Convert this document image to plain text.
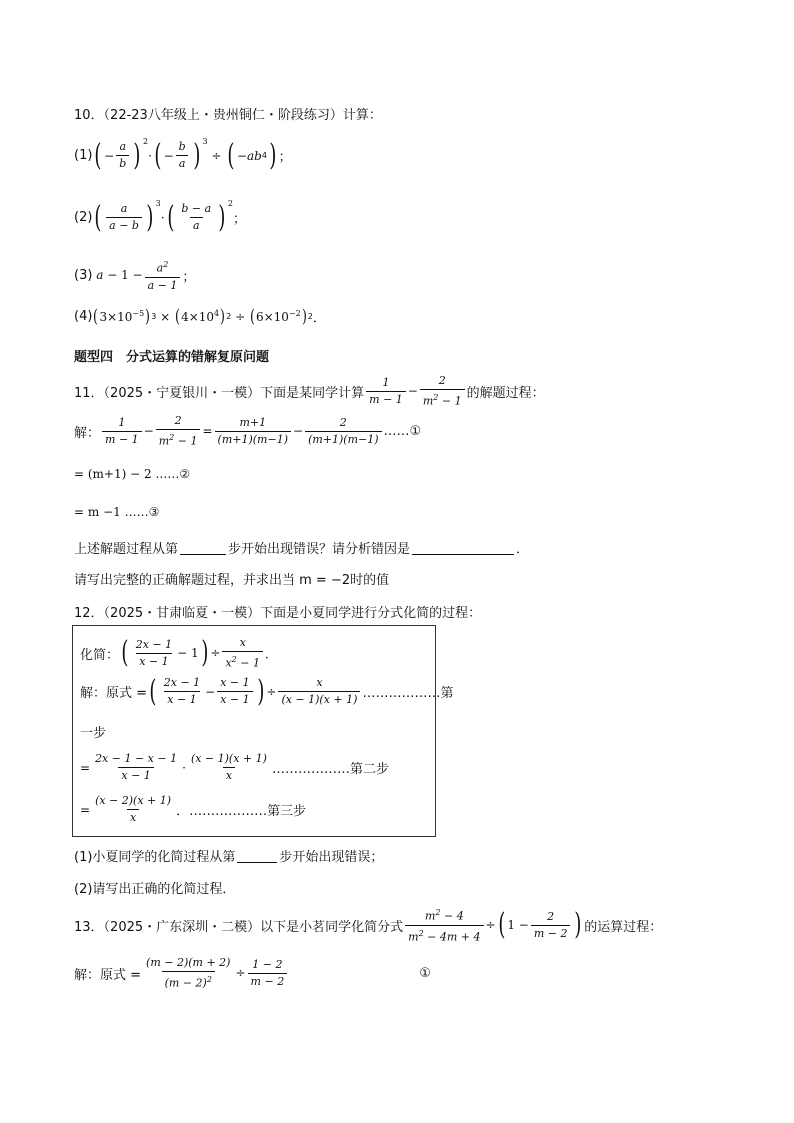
10．（22-23八年级上・贵州铜仁・阶段练习）计算：
(1) ( − $\frac{a}{b}$ ) 2
· ( − $\frac{b}{a}$ ) 3
÷ ( − ab 4 ) ；
(2) ( $\frac{a}{a - b}$ ) 3
· ( $\frac{b - a}{a}$ ) 2
；
(3) $a - 1 - \frac{a^2}{a - 1}$ ；
(4) ( $3\times 10^{-5}$ ) 3 × ( $4\times 10^4$ ) 2 ÷ ( $6\times 10^{-2}$ ) 2 ．
题型四　分式运算的错解复原问题
11．（2025・宁夏银川・一模）下面是某同学计算 $\frac{1}{m - 1} - \frac{2}{m^2 - 1}$ 的解题过程：
解： $\frac{1}{m - 1} - \frac{2}{m^2 - 1} = \frac{m+1}{(m+1)(m-1)} - \frac{2}{(m+1)(m-1)}$ ……①
= (m+1) − 2 ……②
= m −1 ……③
上述解题过程从第	步开始出现错误？请分析错因是	．
请写出完整的正确解题过程，并求出当 m = −2时的值
12．（2025・甘肃临夏・一模）下面是小夏同学进行分式化简的过程：
化简： ( $\frac{2x - 1}{x - 1} - 1$ ) ÷ $\frac{x}{x^2 - 1}$ ．
解：原式 = ( $\frac{2x - 1}{x - 1} - \frac{x - 1}{x - 1}$ ) ÷ $\frac{x}{(x - 1)(x + 1)}$ ………………第
一步
= $\frac{2x - 1 - x - 1}{x - 1} \cdot \frac{(x - 1)(x + 1)}{x}$ ………………第二步
= $\frac{(x - 2)(x + 1)}{x}$ ．………………第三步
(1)小夏同学的化简过程从第	步开始出现错误；
(2)请写出正确的化简过程．
13．（2025・广东深圳・二模）以下是小茗同学化简分式 $\frac{m^2 - 4}{m^2 - 4m + 4}$ ÷ ( $1 - \frac{2}{m - 2}$ ) 的运算过程：
解：原式 = $\frac{(m - 2)(m + 2)}{(m - 2)^2} \div \frac{1 - 2}{m - 2}$	①
